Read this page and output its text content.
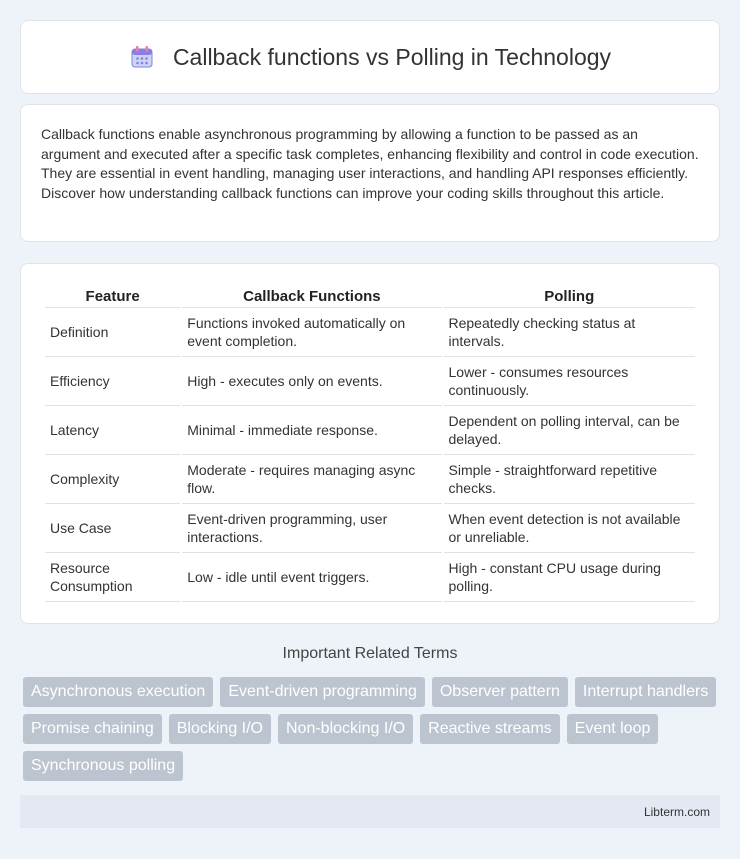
Callback functions vs Polling in Technology

Callback functions enable asynchronous programming by allowing a function to be passed as an argument and executed after a specific task completes, enhancing flexibility and control in code execution. They are essential in event handling, managing user interactions, and handling API responses efficiently. Discover how understanding callback functions can improve your coding skills throughout this article.

Feature	Callback Functions	Polling
Definition	Functions invoked automatically on event completion.	Repeatedly checking status at intervals.
Efficiency	High - executes only on events.	Lower - consumes resources continuously.
Latency	Minimal - immediate response.	Dependent on polling interval, can be delayed.
Complexity	Moderate - requires managing async flow.	Simple - straightforward repetitive checks.
Use Case	Event-driven programming, user interactions.	When event detection is not available or unreliable.
Resource Consumption	Low - idle until event triggers.	High - constant CPU usage during polling.
Important Related Terms
Asynchronous execution	Event-driven programming	Observer pattern	Interrupt handlers
Promise chaining	Blocking I/O	Non-blocking I/O	Reactive streams	Event loop
Synchronous polling
Libterm.com
